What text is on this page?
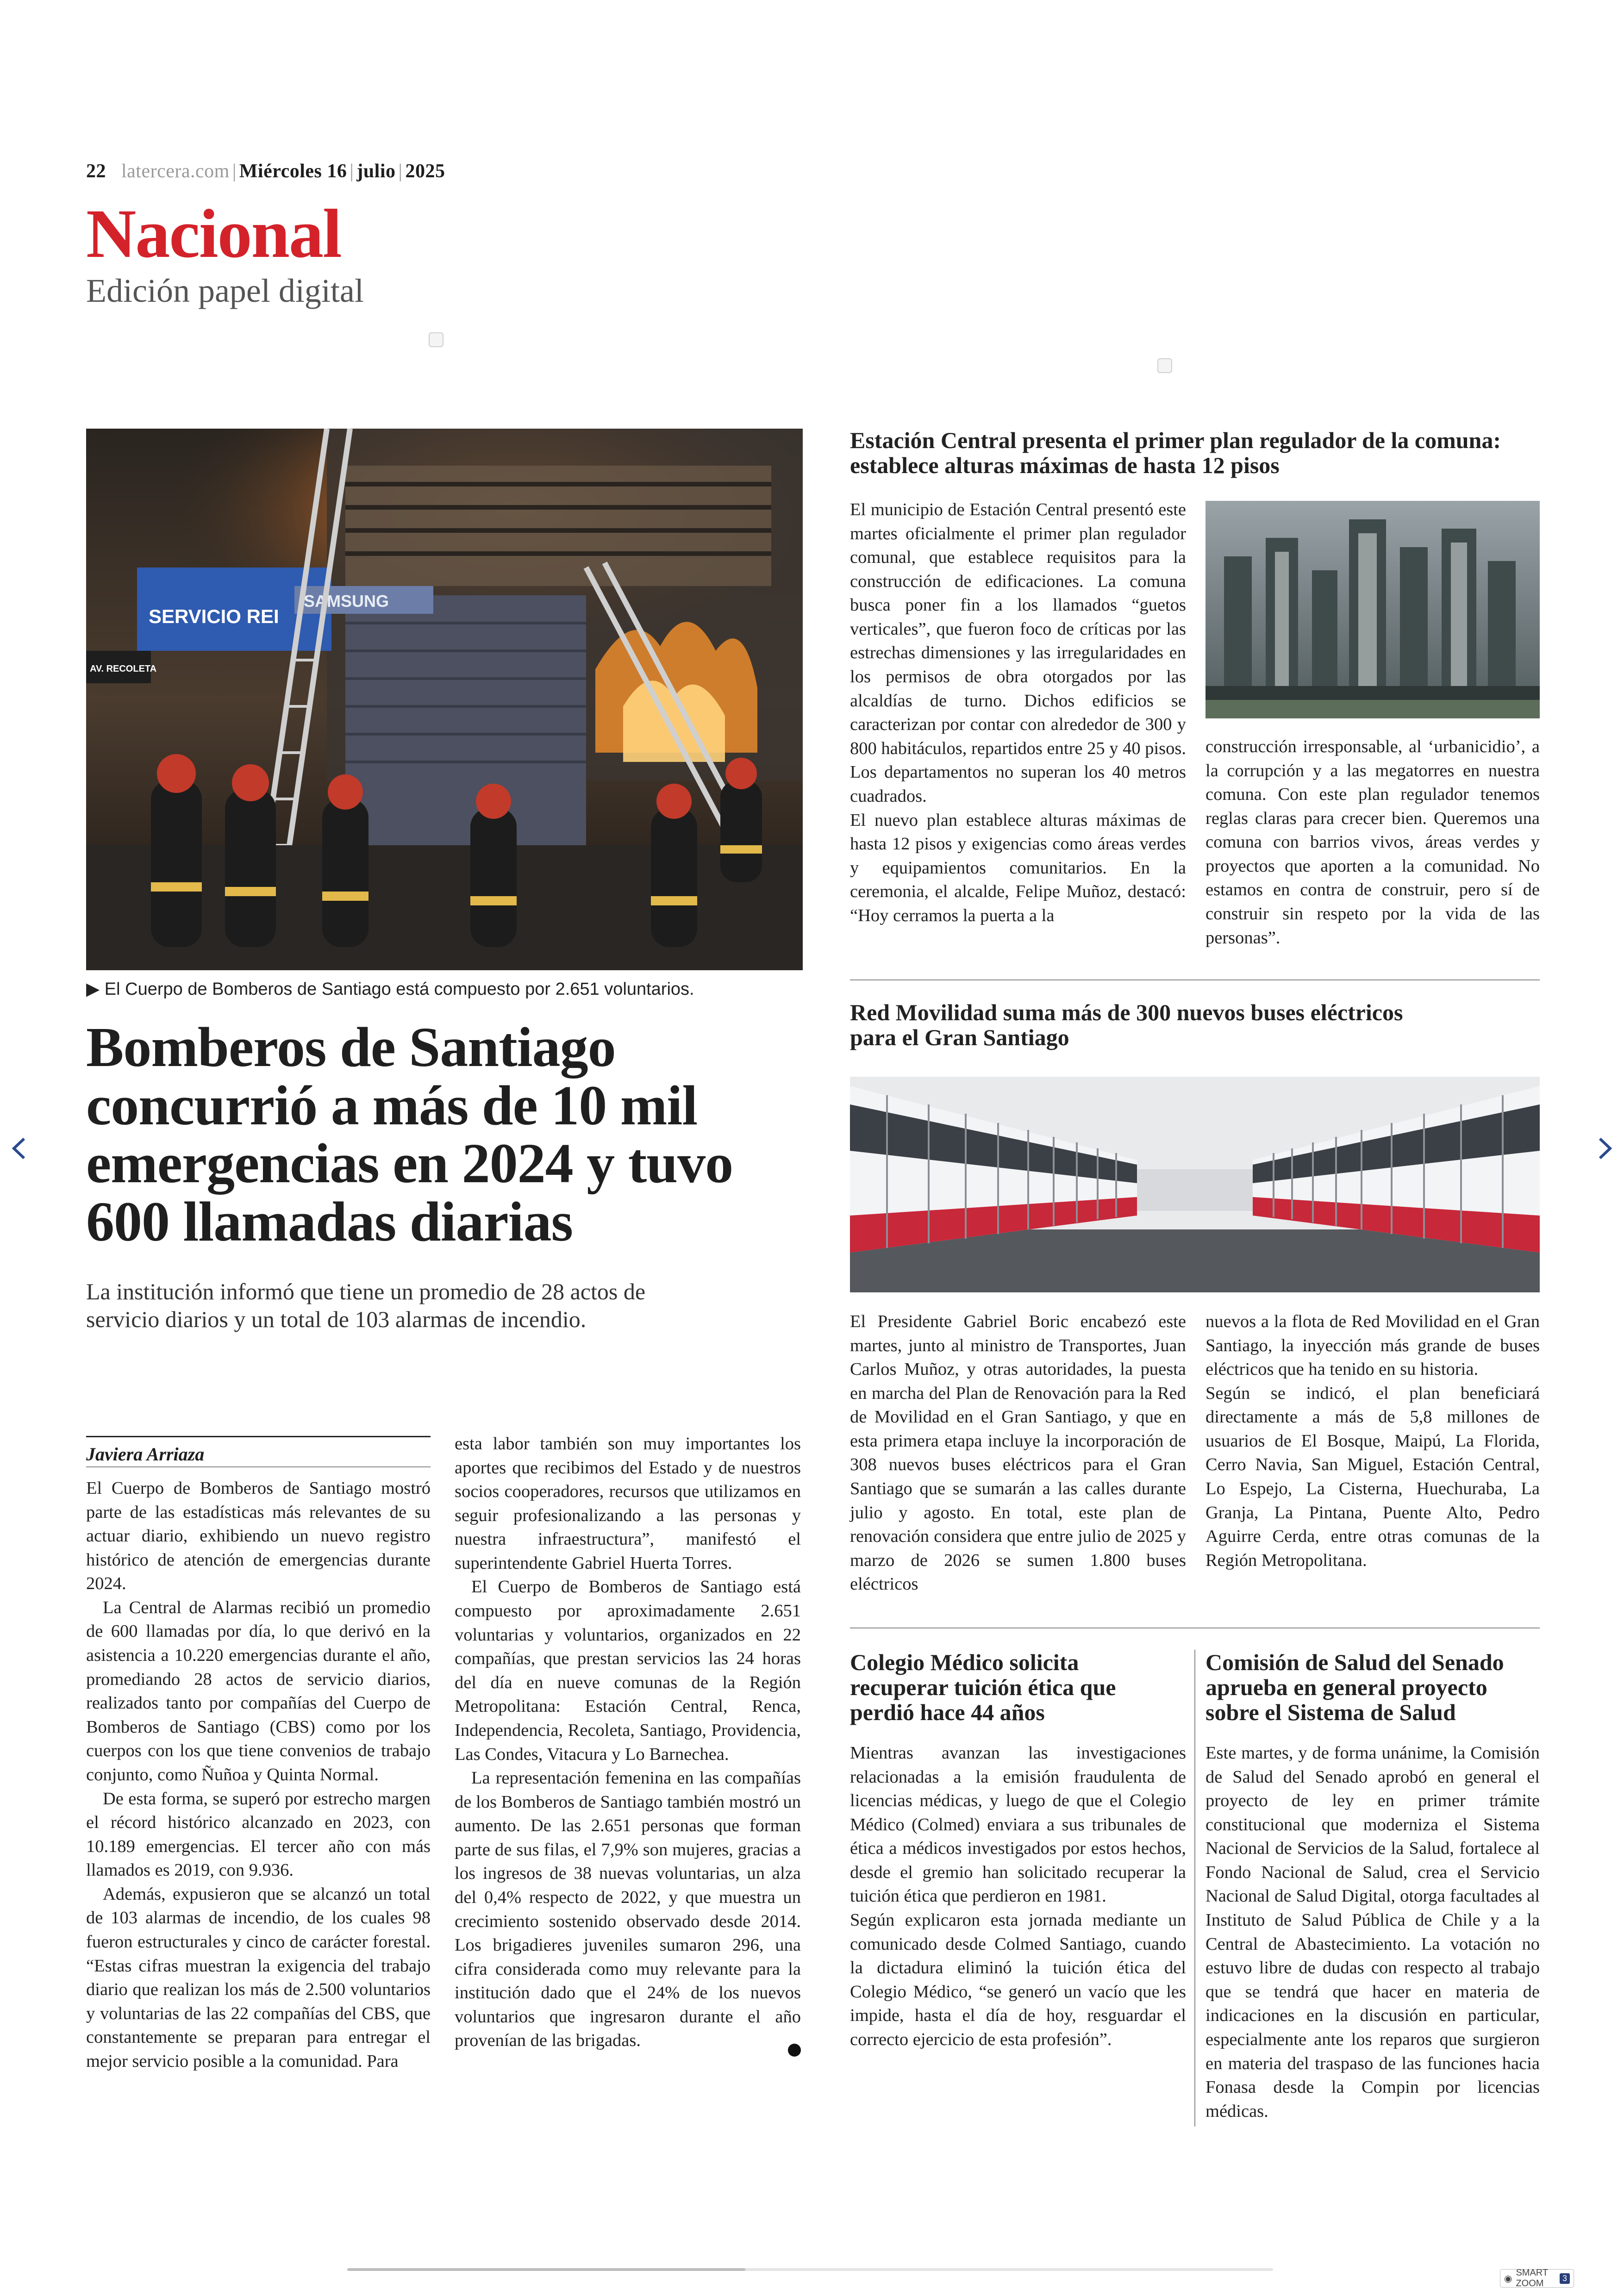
22 latercera.com | Miércoles 16 | julio | 2025
Nacional
Edición papel digital
SERVICIO REI
SAMSUNG
AV. RECOLETA
▶ El Cuerpo de Bomberos de Santiago está compuesto por 2.651 voluntarios.
Bomberos de Santiago concurrió a más de 10 mil emergencias en 2024 y tuvo 600 llamadas diarias
La institución informó que tiene un promedio de 28 actos de servicio diarios y un total de 103 alarmas de incendio.
Javiera Arriaza

El Cuerpo de Bomberos de Santiago mostró parte de las estadísticas más relevantes de su actuar diario, exhibiendo un nuevo registro histórico de atención de emergencias durante 2024.

La Central de Alarmas recibió un promedio de 600 llamadas por día, lo que derivó en la asistencia a 10.220 emergencias durante el año, promediando 28 actos de servicio diarios, realizados tanto por compañías del Cuerpo de Bomberos de Santiago (CBS) como por los cuerpos con los que tiene convenios de trabajo conjunto, como Ñuñoa y Quinta Normal.

De esta forma, se superó por estrecho margen el récord histórico alcanzado en 2023, con 10.189 emergencias. El tercer año con más llamados es 2019, con 9.936.

Además, expusieron que se alcanzó un total de 103 alarmas de incendio, de los cuales 98 fueron estructurales y cinco de carácter forestal. “Estas cifras muestran la exigencia del trabajo diario que realizan los más de 2.500 voluntarios y voluntarias de las 22 compañías del CBS, que constantemente se preparan para entregar el mejor servicio posible a la comunidad. Para

esta labor también son muy importantes los aportes que recibimos del Estado y de nuestros socios cooperadores, recursos que utilizamos en seguir profesionalizando a las personas y nuestra infraestructura”, manifestó el superintendente Gabriel Huerta Torres.

El Cuerpo de Bomberos de Santiago está compuesto por aproximadamente 2.651 voluntarias y voluntarios, organizados en 22 compañías, que prestan servicios las 24 horas del día en nueve comunas de la Región Metropolitana: Estación Central, Renca, Independencia, Recoleta, Santiago, Providencia, Las Condes, Vitacura y Lo Barnechea.

La representación femenina en las compañías de los Bomberos de Santiago también mostró un aumento. De las 2.651 personas que forman parte de sus filas, el 7,9% son mujeres, gracias a los ingresos de 38 nuevas voluntarias, un alza del 0,4% respecto de 2022, y que muestra un crecimiento sostenido observado desde 2014. Los brigadieres juveniles sumaron 296, una cifra considerada como muy relevante para la institución dado que el 24% de los nuevos voluntarios que ingresaron durante el año provenían de las brigadas.

Estación Central presenta el primer plan regulador de la comuna: establece alturas máximas de hasta 12 pisos

El municipio de Estación Central presentó este martes oficialmente el primer plan regulador comunal, que establece requisitos para la construcción de edificaciones. La comuna busca poner fin a los llamados “guetos verticales”, que fueron foco de críticas por las estrechas dimensiones y las irregularidades en los permisos de obra otorgados por las alcaldías de turno. Dichos edificios se caracterizan por contar con alrededor de 300 y 800 habitáculos, repartidos entre 25 y 40 pisos. Los departamentos no superan los 40 metros cuadrados.

El nuevo plan establece alturas máximas de hasta 12 pisos y exigencias como áreas verdes y equipamientos comunitarios. En la ceremonia, el alcalde, Felipe Muñoz, destacó: “Hoy cerramos la puerta a la

construcción irresponsable, al ‘urbanicidio’, a la corrupción y a las megatorres en nuestra comuna. Con este plan regulador tenemos reglas claras para crecer bien. Queremos una comuna con barrios vivos, áreas verdes y proyectos que aporten a la comunidad. No estamos en contra de construir, pero sí de construir sin respeto por la vida de las personas”.

Red Movilidad suma más de 300 nuevos buses eléctricos para el Gran Santiago

El Presidente Gabriel Boric encabezó este martes, junto al ministro de Transportes, Juan Carlos Muñoz, y otras autoridades, la puesta en marcha del Plan de Renovación para la Red de Movilidad en el Gran Santiago, y que en esta primera etapa incluye la incorporación de 308 nuevos buses eléctricos para el Gran Santiago que se sumarán a las calles durante julio y agosto. En total, este plan de renovación considera que entre julio de 2025 y marzo de 2026 se sumen 1.800 buses eléctricos

nuevos a la flota de Red Movilidad en el Gran Santiago, la inyección más grande de buses eléctricos que ha tenido en su historia.

Según se indicó, el plan beneficiará directamente a más de 5,8 millones de usuarios de El Bosque, Maipú, La Florida, Cerro Navia, San Miguel, Estación Central, Lo Espejo, La Cisterna, Huechuraba, La Granja, La Pintana, Puente Alto, Pedro Aguirre Cerda, entre otras comunas de la Región Metropolitana.

Colegio Médico solicita recuperar tuición ética que perdió hace 44 años

Mientras avanzan las investigaciones relacionadas a la emisión fraudulenta de licencias médicas, y luego de que el Colegio Médico (Colmed) enviara a sus tribunales de ética a médicos investigados por estos hechos, desde el gremio han solicitado recuperar la tuición ética que perdieron en 1981.

Según explicaron esta jornada mediante un comunicado desde Colmed Santiago, cuando la dictadura eliminó la tuición ética del Colegio Médico, “se generó un vacío que les impide, hasta el día de hoy, resguardar el correcto ejercicio de esta profesión”.

Comisión de Salud del Senado aprueba en general proyecto sobre el Sistema de Salud

Este martes, y de forma unánime, la Comisión de Salud del Senado aprobó en general el proyecto de ley en primer trámite constitucional que moderniza el Sistema Nacional de Servicios de la Salud, fortalece al Fondo Nacional de Salud, crea el Servicio Nacional de Salud Digital, otorga facultades al Instituto de Salud Pública de Chile y a la Central de Abastecimiento. La votación no estuvo libre de dudas con respecto al trabajo que se tendrá que hacer en materia de indicaciones en la discusión en particular, especialmente ante los reparos que surgieron en materia del traspaso de las funciones hacia Fonasa desde la Compin por licencias médicas.

◉
SMART ZOOM
3
